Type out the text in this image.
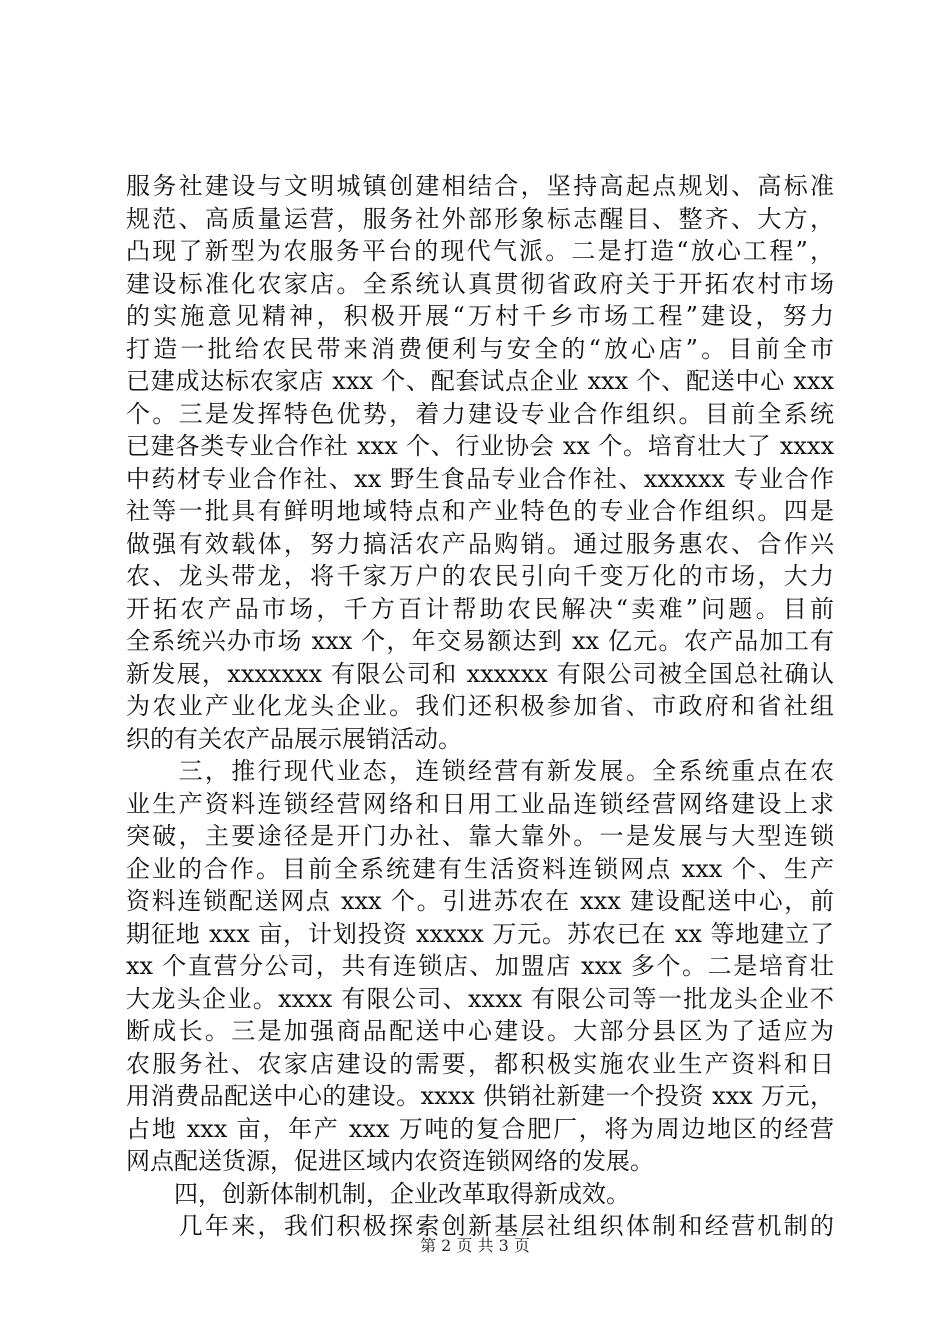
服务社建设与文明城镇创建相结合，坚持高起点规划、高标准
规范、高质量运营，服务社外部形象标志醒目、整齐、大方，
凸现了新型为农服务平台的现代气派。二是打造“放心工程”，
建设标准化农家店。全系统认真贯彻省政府关于开拓农村市场
的实施意见精神，积极开展“万村千乡市场工程”建设，努力
打造一批给农民带来消费便利与安全的“放心店”。目前全市
已建成达标农家店 xxx 个、配套试点企业 xxx 个、配送中心 xxx
个。三是发挥特色优势，着力建设专业合作组织。目前全系统
已建各类专业合作社 xxx 个、行业协会 xx 个。培育壮大了 xxxx
中药材专业合作社、xx 野生食品专业合作社、xxxxxx 专业合作
社等一批具有鲜明地域特点和产业特色的专业合作组织。四是
做强有效载体，努力搞活农产品购销。通过服务惠农、合作兴
农、龙头带龙，将千家万户的农民引向千变万化的市场，大力
开拓农产品市场，千方百计帮助农民解决“卖难”问题。目前
全系统兴办市场 xxx 个，年交易额达到 xx 亿元。农产品加工有
新发展，xxxxxxx 有限公司和 xxxxxx 有限公司被全国总社确认
为农业产业化龙头企业。我们还积极参加省、市政府和省社组
织的有关农产品展示展销活动。
　　三，推行现代业态，连锁经营有新发展。全系统重点在农
业生产资料连锁经营网络和日用工业品连锁经营网络建设上求
突破，主要途径是开门办社、靠大靠外。一是发展与大型连锁
企业的合作。目前全系统建有生活资料连锁网点 xxx 个、生产
资料连锁配送网点 xxx 个。引进苏农在 xxx 建设配送中心，前
期征地 xxx 亩，计划投资 xxxxx 万元。苏农已在 xx 等地建立了
xx 个直营分公司，共有连锁店、加盟店 xxx 多个。二是培育壮
大龙头企业。xxxx 有限公司、xxxx 有限公司等一批龙头企业不
断成长。三是加强商品配送中心建设。大部分县区为了适应为
农服务社、农家店建设的需要，都积极实施农业生产资料和日
用消费品配送中心的建设。xxxx 供销社新建一个投资 xxx 万元，
占地 xxx 亩，年产 xxx 万吨的复合肥厂，将为周边地区的经营
网点配送货源，促进区域内农资连锁网络的发展。
　　四，创新体制机制，企业改革取得新成效。
　　几年来，我们积极探索创新基层社组织体制和经营机制的
第 2 页 共 3 页
